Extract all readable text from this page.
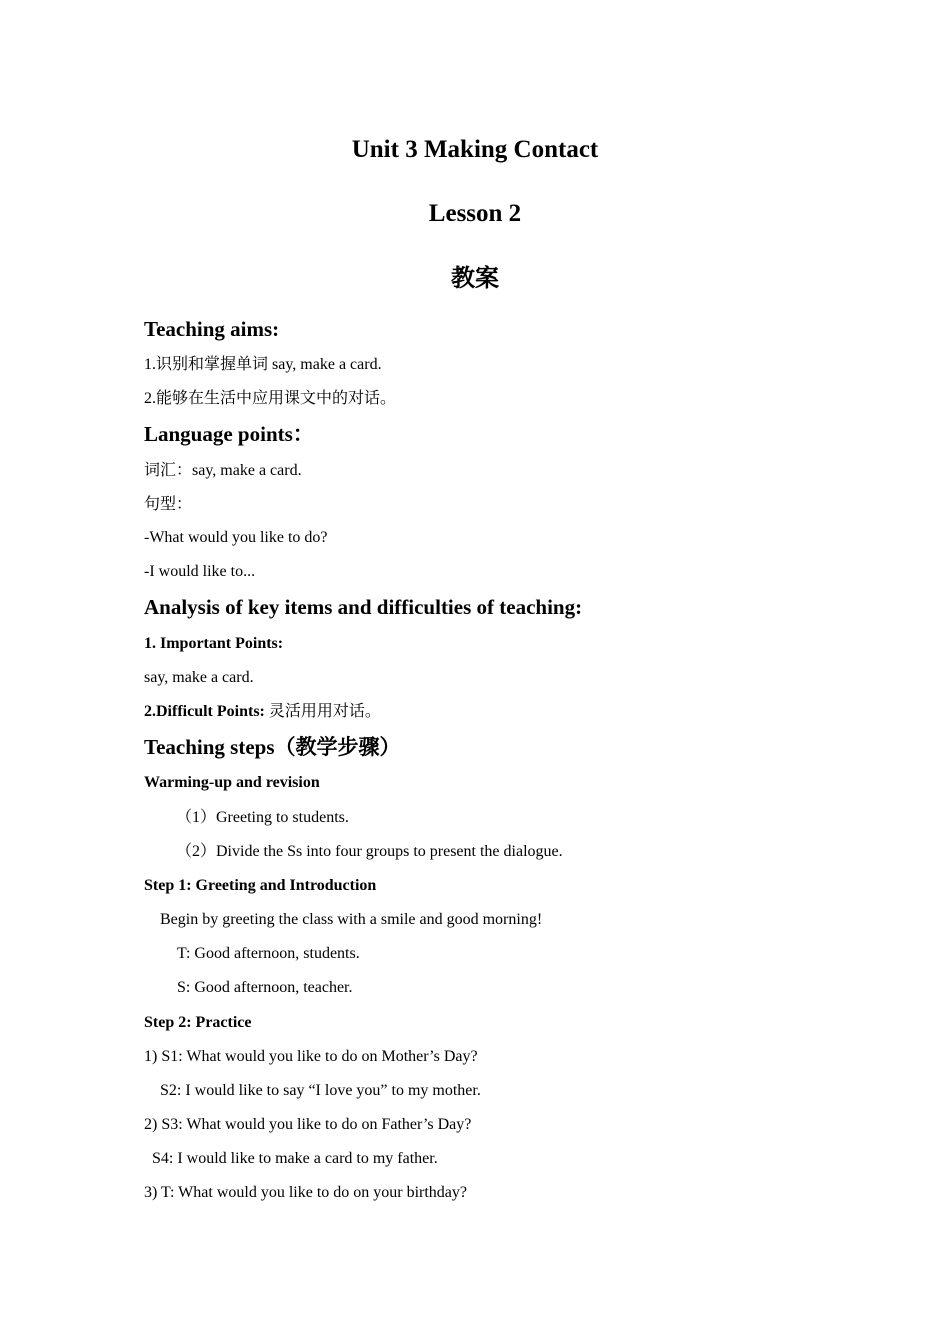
Unit 3 Making Contact
Lesson 2
教案
Teaching aims:
1.识别和掌握单词 say, make a card.
2.能够在生活中应用课文中的对话。
Language points：
词汇：say, make a card.
句型：
-What would you like to do?
-I would like to...
Analysis of key items and difficulties of teaching:
1. Important Points:
say, make a card.
2.Difficult Points: 灵活用用对话。
Teaching steps（教学步骤）
Warming-up and revision
（1）Greeting to students.
（2）Divide the Ss into four groups to present the dialogue.
Step 1: Greeting and Introduction
Begin by greeting the class with a smile and good morning!
T: Good afternoon, students.
S: Good afternoon, teacher.
Step 2: Practice
1) S1: What would you like to do on Mother’s Day?
S2: I would like to say “I love you” to my mother.
2) S3: What would you like to do on Father’s Day?
S4: I would like to make a card to my father.
3) T: What would you like to do on your birthday?
